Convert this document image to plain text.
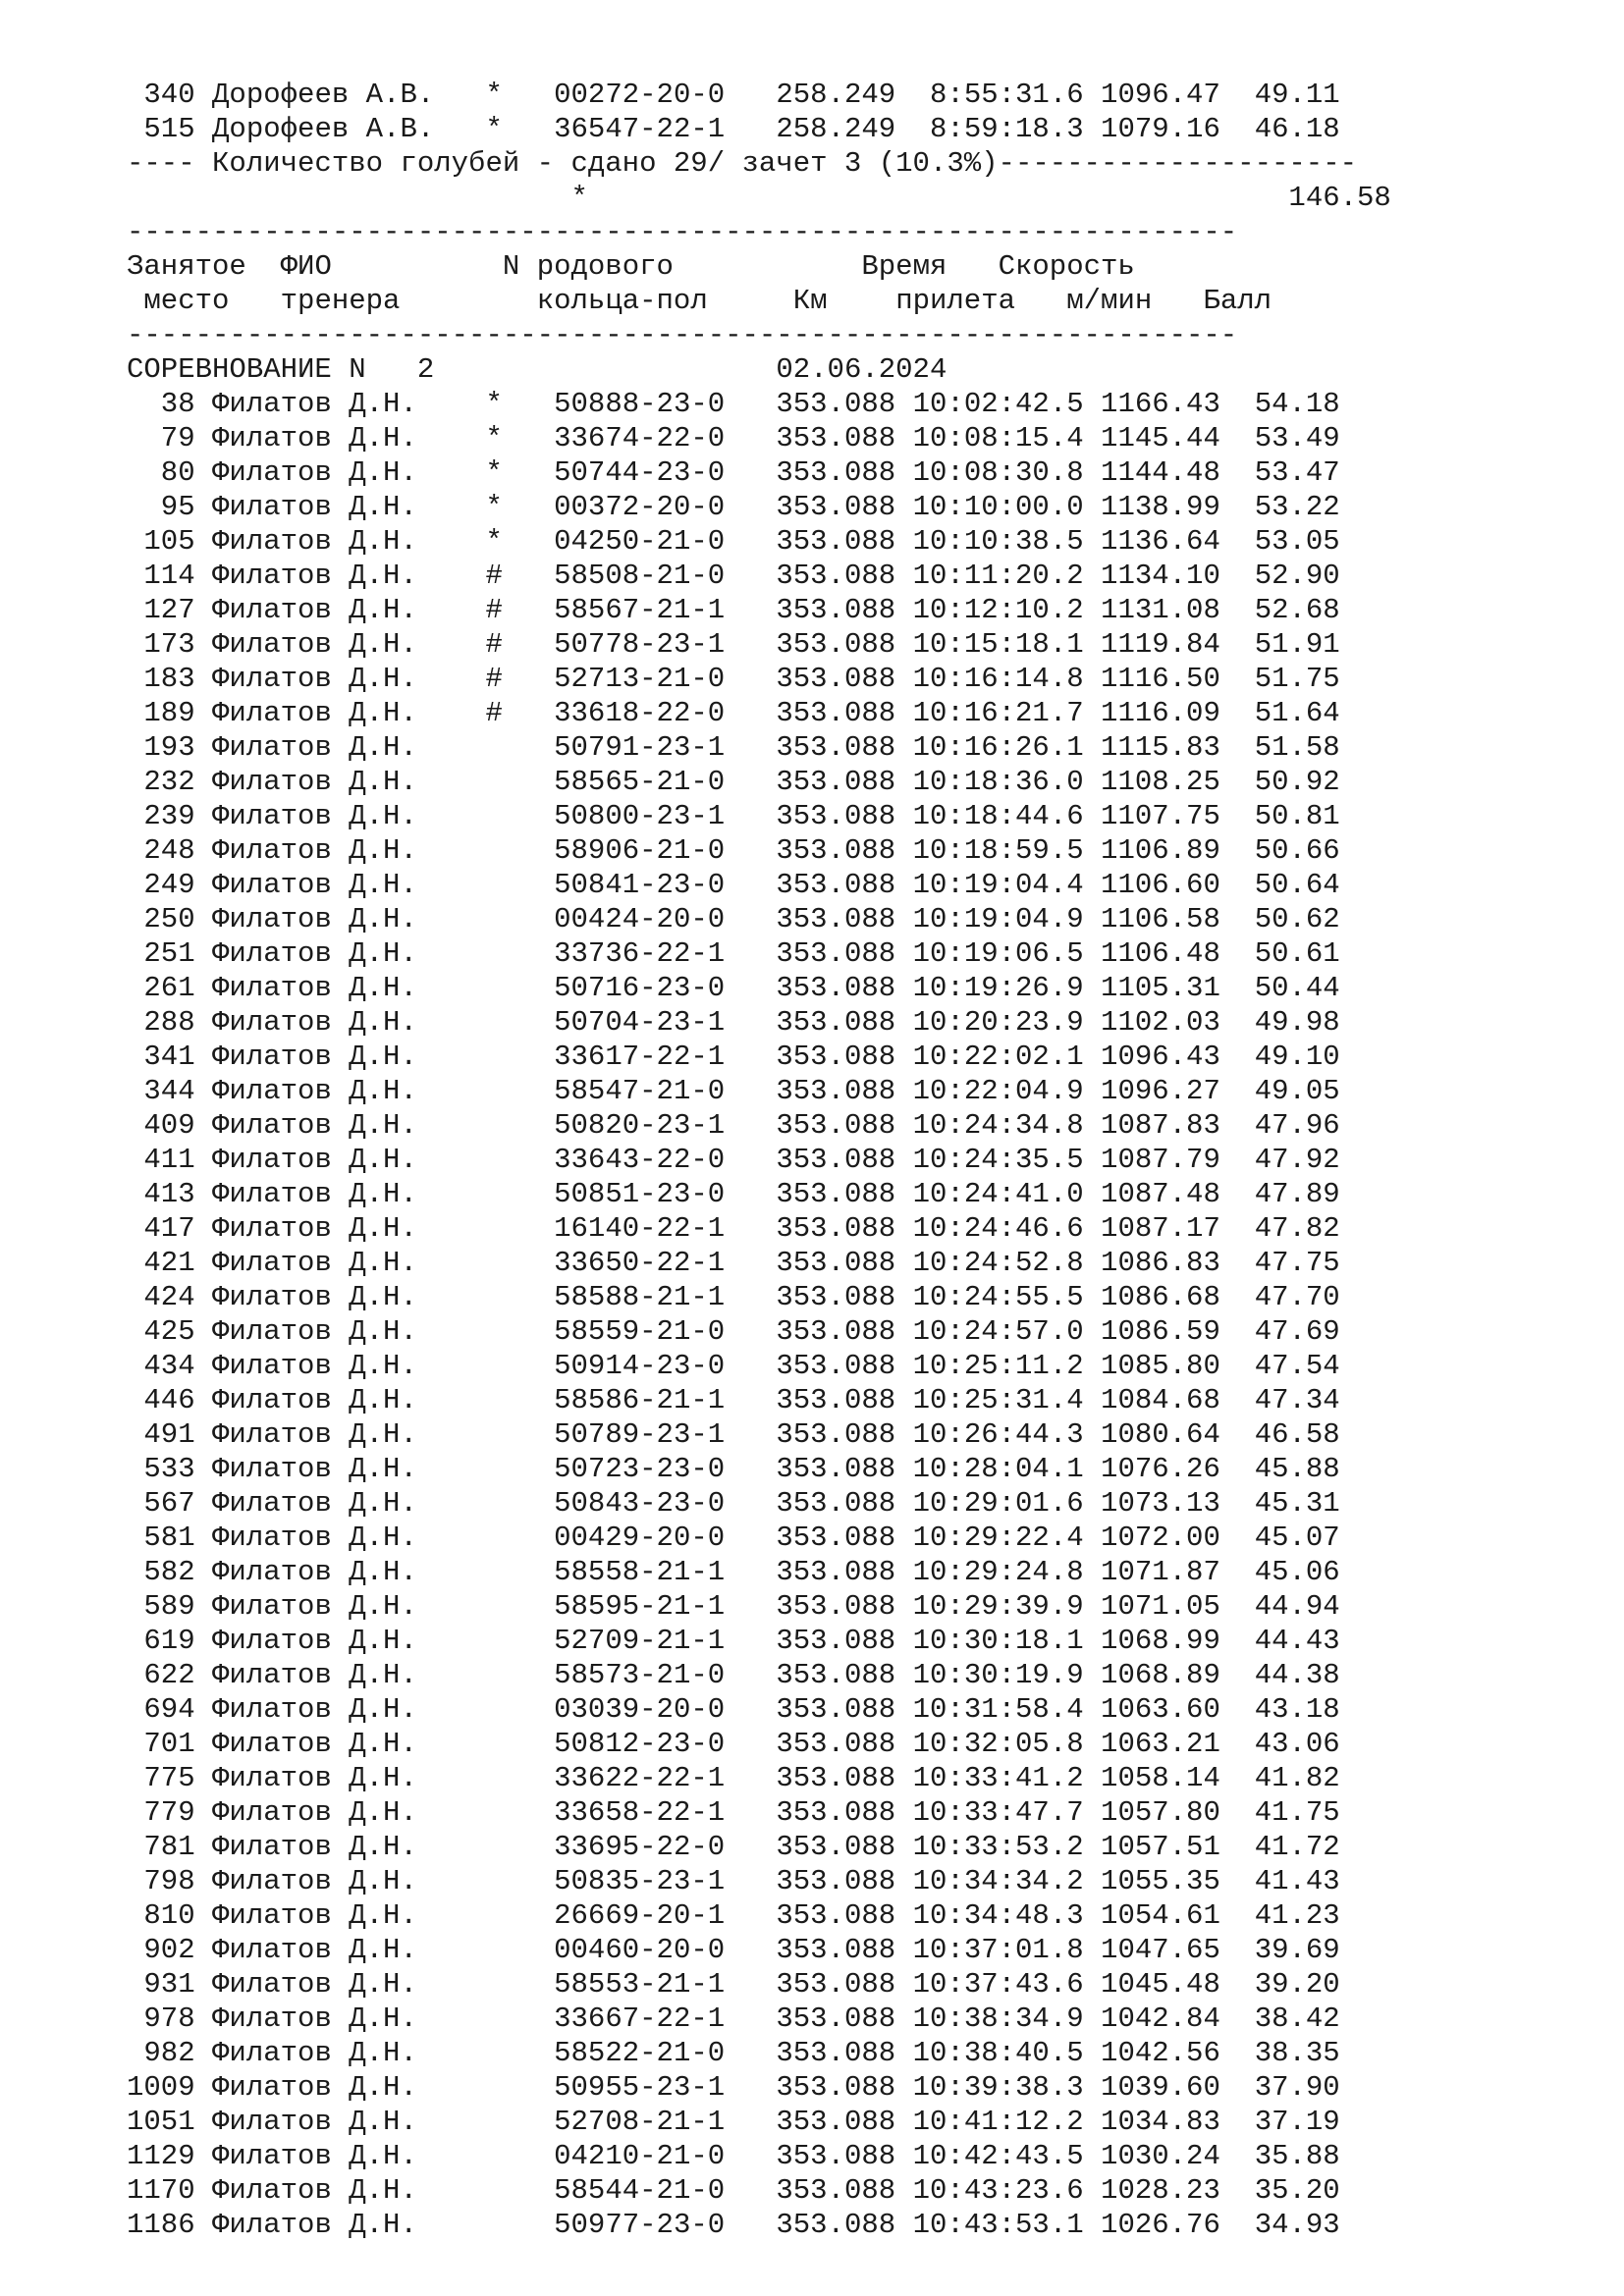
340 Дорофеев А.В. * 00272-20-0 258.249  8:55:31.6 1096.47 49.11
515 Дорофеев А.В. * 36547-22-1 258.249  8:59:18.3 1079.16 46.18
---- Количество голубей - сдано 29/ зачет 3 (10.3%)---------------------
*	146.58
-----------------------------------------------------------------
Занятое ФИО	N родового	Время Скорость
место тренера	кольца-пол	Км прилета м/мин Балл
-----------------------------------------------------------------
СОРЕВНОВАНИЕ N 2	02.06.2024
38 Филатов Д.Н.    * 50888-23-0 353.088 10:02:42.5 1166.43 54.18
79 Филатов Д.Н.    * 33674-22-0 353.088 10:08:15.4 1145.44 53.49
80 Филатов Д.Н.    * 50744-23-0 353.088 10:08:30.8 1144.48 53.47
95 Филатов Д.Н.    * 00372-20-0 353.088 10:10:00.0 1138.99 53.22
105 Филатов Д.Н.    * 04250-21-0 353.088 10:10:38.5 1136.64 53.05
114 Филатов Д.Н.    # 58508-21-0 353.088 10:11:20.2 1134.10 52.90
127 Филатов Д.Н.    # 58567-21-1 353.088 10:12:10.2 1131.08 52.68
173 Филатов Д.Н.    # 50778-23-1 353.088 10:15:18.1 1119.84 51.91
183 Филатов Д.Н.    # 52713-21-0 353.088 10:16:14.8 1116.50 51.75
189 Филатов Д.Н.    # 33618-22-0 353.088 10:16:21.7 1116.09 51.64
193 Филатов Д.Н.	50791-23-1 353.088 10:16:26.1 1115.83 51.58
232 Филатов Д.Н.	58565-21-0 353.088 10:18:36.0 1108.25 50.92
239 Филатов Д.Н.	50800-23-1 353.088 10:18:44.6 1107.75 50.81
248 Филатов Д.Н.	58906-21-0 353.088 10:18:59.5 1106.89 50.66
249 Филатов Д.Н.	50841-23-0 353.088 10:19:04.4 1106.60 50.64
250 Филатов Д.Н.	00424-20-0 353.088 10:19:04.9 1106.58 50.62
251 Филатов Д.Н.	33736-22-1 353.088 10:19:06.5 1106.48 50.61
261 Филатов Д.Н.	50716-23-0 353.088 10:19:26.9 1105.31 50.44
288 Филатов Д.Н.	50704-23-1 353.088 10:20:23.9 1102.03 49.98
341 Филатов Д.Н.	33617-22-1 353.088 10:22:02.1 1096.43 49.10
344 Филатов Д.Н.	58547-21-0 353.088 10:22:04.9 1096.27 49.05
409 Филатов Д.Н.	50820-23-1 353.088 10:24:34.8 1087.83 47.96
411 Филатов Д.Н.	33643-22-0 353.088 10:24:35.5 1087.79 47.92
413 Филатов Д.Н.	50851-23-0 353.088 10:24:41.0 1087.48 47.89
417 Филатов Д.Н.	16140-22-1 353.088 10:24:46.6 1087.17 47.82
421 Филатов Д.Н.	33650-22-1 353.088 10:24:52.8 1086.83 47.75
424 Филатов Д.Н.	58588-21-1 353.088 10:24:55.5 1086.68 47.70
425 Филатов Д.Н.	58559-21-0 353.088 10:24:57.0 1086.59 47.69
434 Филатов Д.Н.	50914-23-0 353.088 10:25:11.2 1085.80 47.54
446 Филатов Д.Н.	58586-21-1 353.088 10:25:31.4 1084.68 47.34
491 Филатов Д.Н.	50789-23-1 353.088 10:26:44.3 1080.64 46.58
533 Филатов Д.Н.	50723-23-0 353.088 10:28:04.1 1076.26 45.88
567 Филатов Д.Н.	50843-23-0 353.088 10:29:01.6 1073.13 45.31
581 Филатов Д.Н.	00429-20-0 353.088 10:29:22.4 1072.00 45.07
582 Филатов Д.Н.	58558-21-1 353.088 10:29:24.8 1071.87 45.06
589 Филатов Д.Н.	58595-21-1 353.088 10:29:39.9 1071.05 44.94
619 Филатов Д.Н.	52709-21-1 353.088 10:30:18.1 1068.99 44.43
622 Филатов Д.Н.	58573-21-0 353.088 10:30:19.9 1068.89 44.38
694 Филатов Д.Н.	03039-20-0 353.088 10:31:58.4 1063.60 43.18
701 Филатов Д.Н.	50812-23-0 353.088 10:32:05.8 1063.21 43.06
775 Филатов Д.Н.	33622-22-1 353.088 10:33:41.2 1058.14 41.82
779 Филатов Д.Н.	33658-22-1 353.088 10:33:47.7 1057.80 41.75
781 Филатов Д.Н.	33695-22-0 353.088 10:33:53.2 1057.51 41.72
798 Филатов Д.Н.	50835-23-1 353.088 10:34:34.2 1055.35 41.43
810 Филатов Д.Н.	26669-20-1 353.088 10:34:48.3 1054.61 41.23
902 Филатов Д.Н.	00460-20-0 353.088 10:37:01.8 1047.65 39.69
931 Филатов Д.Н.	58553-21-1 353.088 10:37:43.6 1045.48 39.20
978 Филатов Д.Н.	33667-22-1 353.088 10:38:34.9 1042.84 38.42
982 Филатов Д.Н.	58522-21-0 353.088 10:38:40.5 1042.56 38.35
1009 Филатов Д.Н.	50955-23-1 353.088 10:39:38.3 1039.60 37.90
1051 Филатов Д.Н.	52708-21-1 353.088 10:41:12.2 1034.83 37.19
1129 Филатов Д.Н.	04210-21-0 353.088 10:42:43.5 1030.24 35.88
1170 Филатов Д.Н.	58544-21-0 353.088 10:43:23.6 1028.23 35.20
1186 Филатов Д.Н.	50977-23-0 353.088 10:43:53.1 1026.76 34.93
